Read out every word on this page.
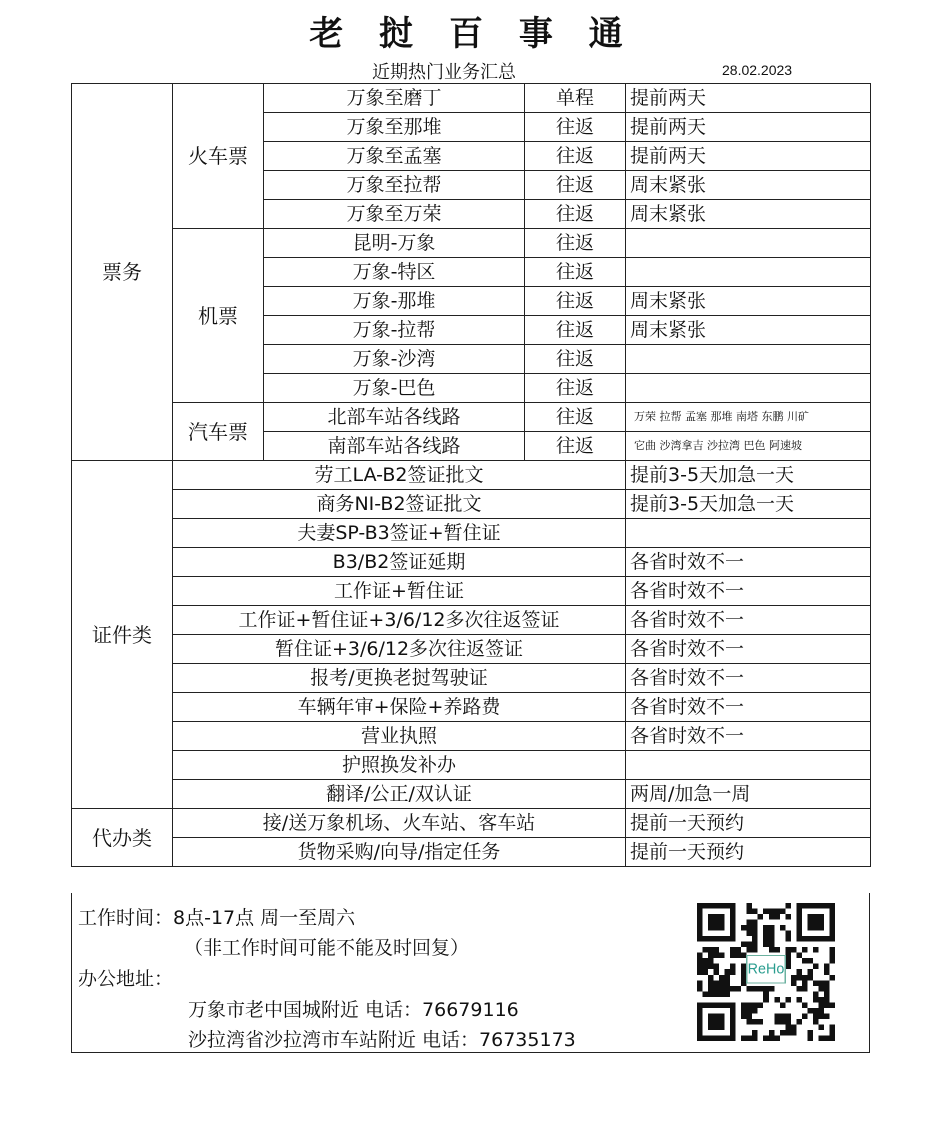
老 挝 百 事 通
近期热门业务汇总	28.02.2023
票务	火车票	万象至磨丁	单程	提前两天
		万象至那堆	往返	提前两天
		万象至孟塞	往返	提前两天
		万象至拉帮	往返	周末紧张
		万象至万荣	往返	周末紧张
	机票	昆明-万象	往返	
		万象-特区	往返	
		万象-那堆	往返	周末紧张
		万象-拉帮	往返	周末紧张
		万象-沙湾	往返	
		万象-巴色	往返	
	汽车票	北部车站各线路	往返	万荣 拉帮 孟塞 那堆 南塔 东鹏 川矿
		南部车站各线路	往返	它曲 沙湾拿吉 沙拉湾 巴色 阿速坡
证件类	劳工LA-B2签证批文			提前3-5天加急一天
	商务NI-B2签证批文			提前3-5天加急一天
	夫妻SP-B3签证+暂住证			
	B3/B2签证延期			各省时效不一
	工作证+暂住证			各省时效不一
	工作证+暂住证+3/6/12多次往返签证			各省时效不一
	暂住证+3/6/12多次往返签证			各省时效不一
	报考/更换老挝驾驶证			各省时效不一
	车辆年审+保险+养路费			各省时效不一
	营业执照			各省时效不一
	护照换发补办			
	翻译/公正/双认证			两周/加急一周
代办类	接/送万象机场、火车站、客车站			提前一天预约
	货物采购/向导/指定任务			提前一天预约
工作时间：8点-17点 周一至周六
（非工作时间可能不能及时回复）
办公地址：
万象市老中国城附近 电话：76679116
沙拉湾省沙拉湾市车站附近 电话：76735173
ReHo
